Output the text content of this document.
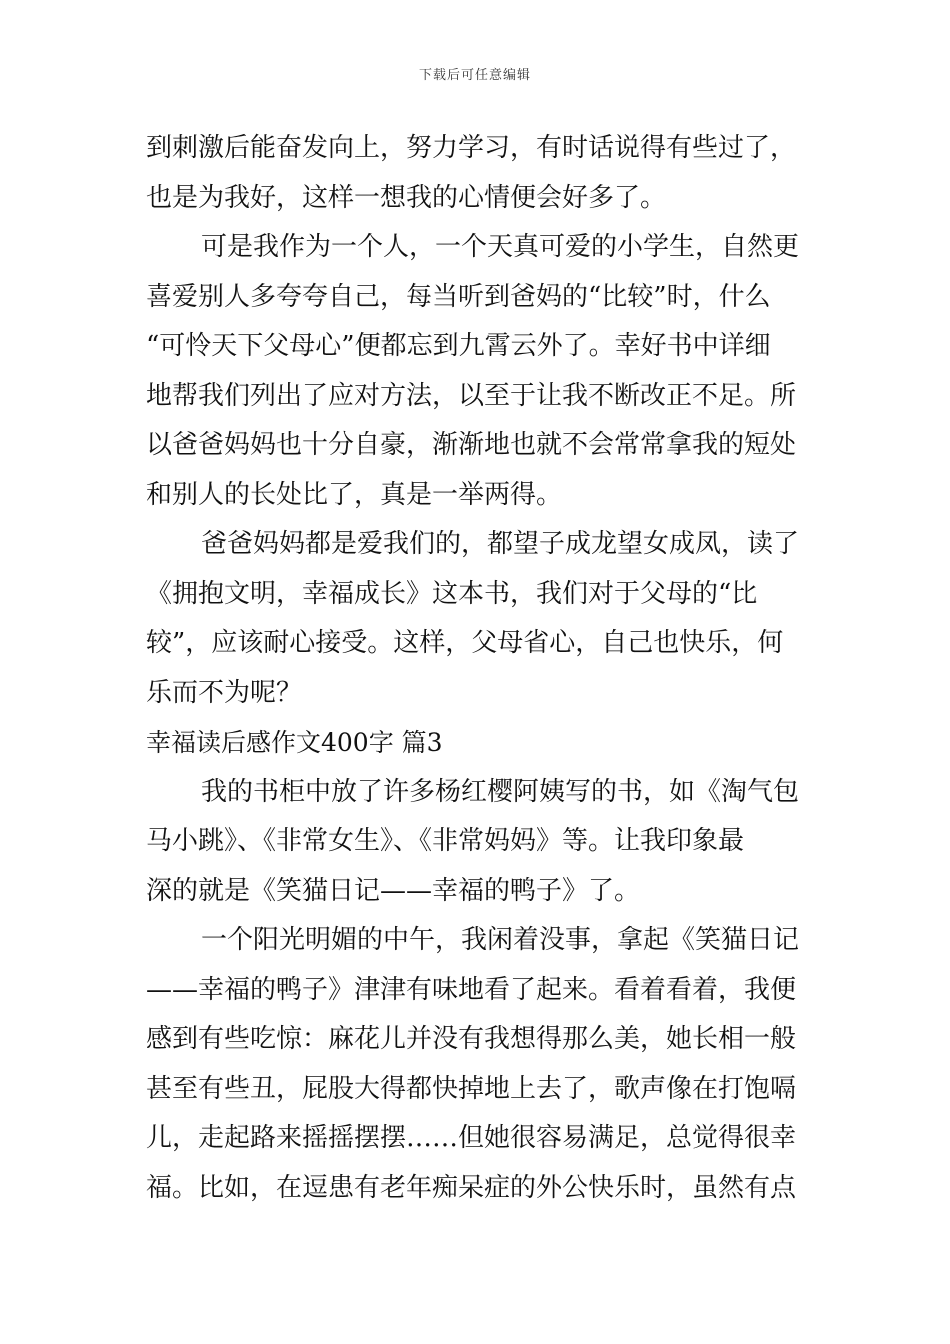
下载后可任意编辑
到刺激后能奋发向上，努力学习，有时话说得有些过了，
也是为我好，这样一想我的心情便会好多了。
可是我作为一个人，一个天真可爱的小学生，自然更
喜爱别人多夸夸自己，每当听到爸妈的“比较”时，什么
“可怜天下父母心”便都忘到九霄云外了。幸好书中详细
地帮我们列出了应对方法，以至于让我不断改正不足。所
以爸爸妈妈也十分自豪，渐渐地也就不会常常拿我的短处
和别人的长处比了，真是一举两得。
爸爸妈妈都是爱我们的，都望子成龙望女成凤，读了
《拥抱文明，幸福成长》这本书，我们对于父母的“比
较”，应该耐心接受。这样，父母省心，自己也快乐，何
乐而不为呢？
幸福读后感作文400字 篇3
我的书柜中放了许多杨红樱阿姨写的书，如《淘气包
马小跳》、《非常女生》、《非常妈妈》等。让我印象最
深的就是《笑猫日记——幸福的鸭子》了。
一个阳光明媚的中午，我闲着没事，拿起《笑猫日记
——幸福的鸭子》津津有味地看了起来。看着看着，我便
感到有些吃惊：麻花儿并没有我想得那么美，她长相一般
甚至有些丑，屁股大得都快掉地上去了，歌声像在打饱嗝
儿，走起路来摇摇摆摆……但她很容易满足，总觉得很幸
福。比如，在逗患有老年痴呆症的外公快乐时，虽然有点
